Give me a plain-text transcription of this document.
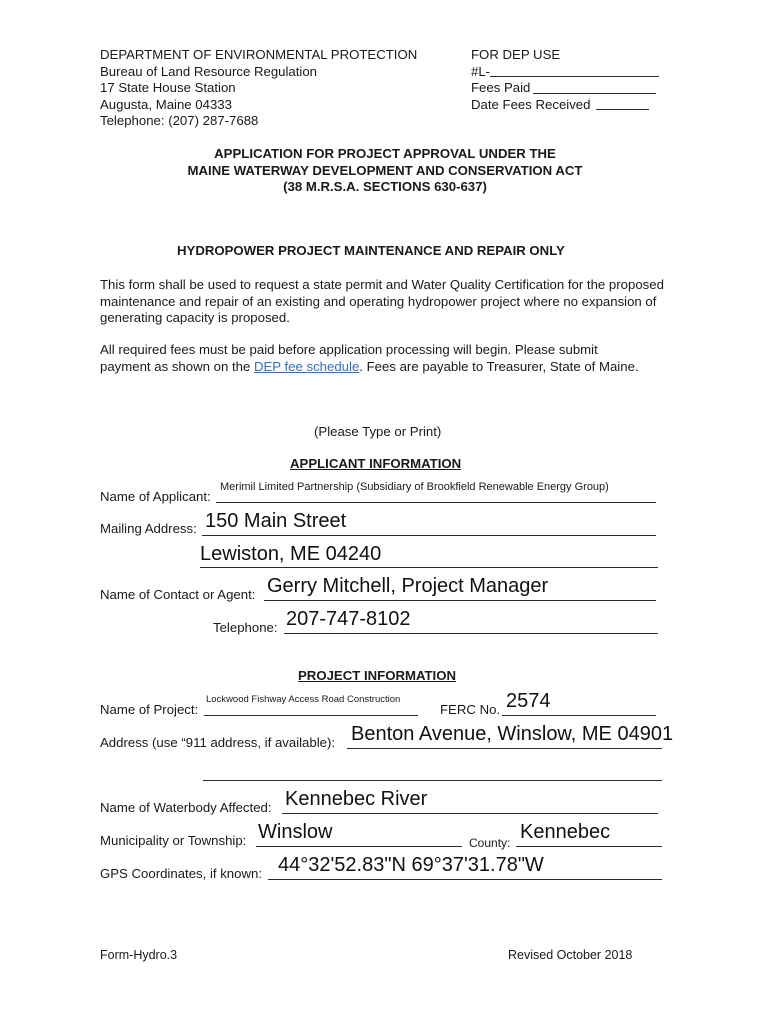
DEPARTMENT OF ENVIRONMENTAL PROTECTION
Bureau of Land Resource Regulation
17 State House Station
Augusta, Maine 04333
Telephone: (207) 287-7688
FOR DEP USE
#L-
Fees Paid
Date Fees Received
APPLICATION FOR PROJECT APPROVAL UNDER THE
MAINE WATERWAY DEVELOPMENT AND CONSERVATION ACT
(38 M.R.S.A. SECTIONS 630-637)
HYDROPOWER PROJECT MAINTENANCE AND REPAIR ONLY
This form shall be used to request a state permit and Water Quality Certification for the proposed maintenance and repair of an existing and operating hydropower project where no expansion of generating capacity is proposed.
All required fees must be paid before application processing will begin. Please submit payment as shown on the DEP fee schedule. Fees are payable to Treasurer, State of Maine.
(Please Type or Print)
APPLICANT INFORMATION
Name of Applicant:
Merimil Limited Partnership (Subsidiary of Brookfield Renewable Energy Group)
Mailing Address: 150 Main Street
Lewiston, ME 04240
Name of Contact or Agent: Gerry Mitchell, Project Manager
Telephone: 207-747-8102
PROJECT INFORMATION
Name of Project:
Lockwood Fishway Access Road Construction
FERC No. 2574
Address (use “911 address, if available): Benton Avenue, Winslow, ME 04901
Name of Waterbody Affected: Kennebec River
Municipality or Township: Winslow	County: Kennebec
GPS Coordinates, if known: 44°32'52.83"N 69°37'31.78"W
Form-Hydro.3	Revised October 2018
